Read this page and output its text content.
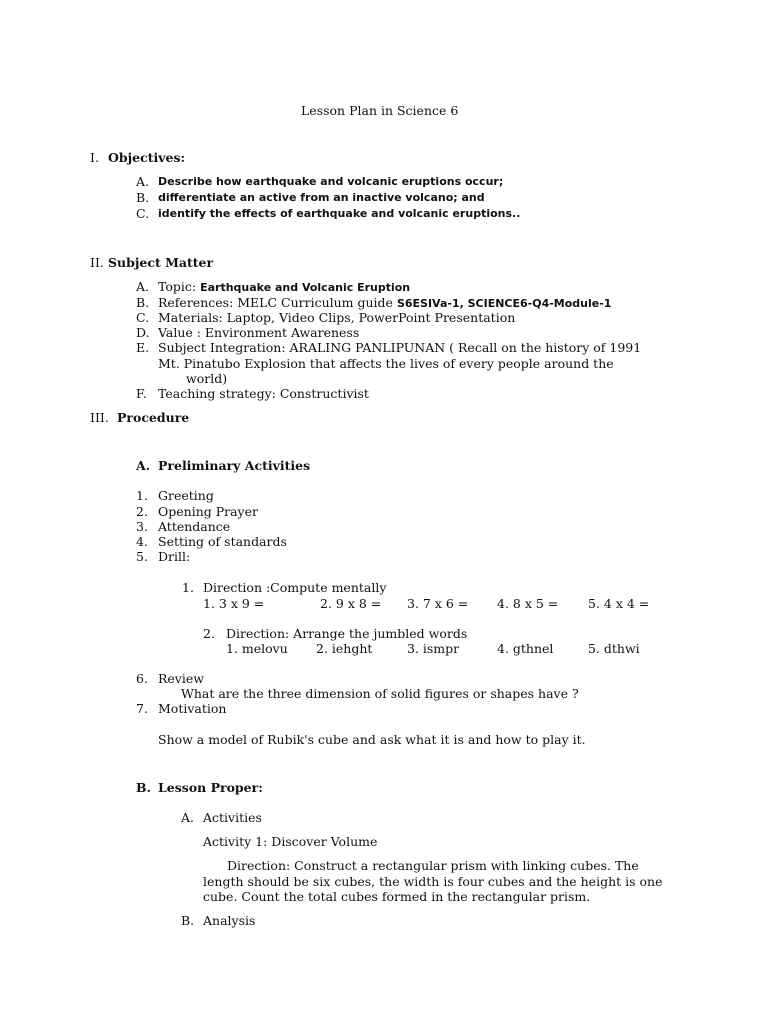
Lesson Plan in Science 6
I. Objectives:
A. Describe how earthquake and volcanic eruptions occur;
B. differentiate an active from an inactive volcano; and
C. identify the effects of earthquake and volcanic eruptions..
II. Subject Matter
A. Topic: Earthquake and Volcanic Eruption
B. References: MELC Curriculum guide S6ESIVa-1, SCIENCE6-Q4-Module-1
C. Materials: Laptop, Video Clips, PowerPoint Presentation
D. Value : Environment Awareness
E. Subject Integration: ARALING PANLIPUNAN ( Recall on the history of 1991
Mt. Pinatubo Explosion that affects the lives of every people around the
world)
F. Teaching strategy: Constructivist
III. Procedure
A. Preliminary Activities
1. Greeting
2. Opening Prayer
3. Attendance
4. Setting of standards
5. Drill:
1. Direction :Compute mentally
1. 3 x 9 =	2. 9 x 8 = 3. 7 x 6 = 4. 8 x 5 = 5. 4 x 4 =
2. Direction: Arrange the jumbled words
1. melovu 2. iehght	3. ismpr	4. gthnel	5. dthwi
6. Review
What are the three dimension of solid figures or shapes have ?
7. Motivation
Show a model of Rubik's cube and ask what it is and how to play it.
B. Lesson Proper:
A. Activities
Activity 1: Discover Volume
Direction: Construct a rectangular prism with linking cubes. The length should be six cubes, the width is four cubes and the height is one cube. Count the total cubes formed in the rectangular prism.
B. Analysis
